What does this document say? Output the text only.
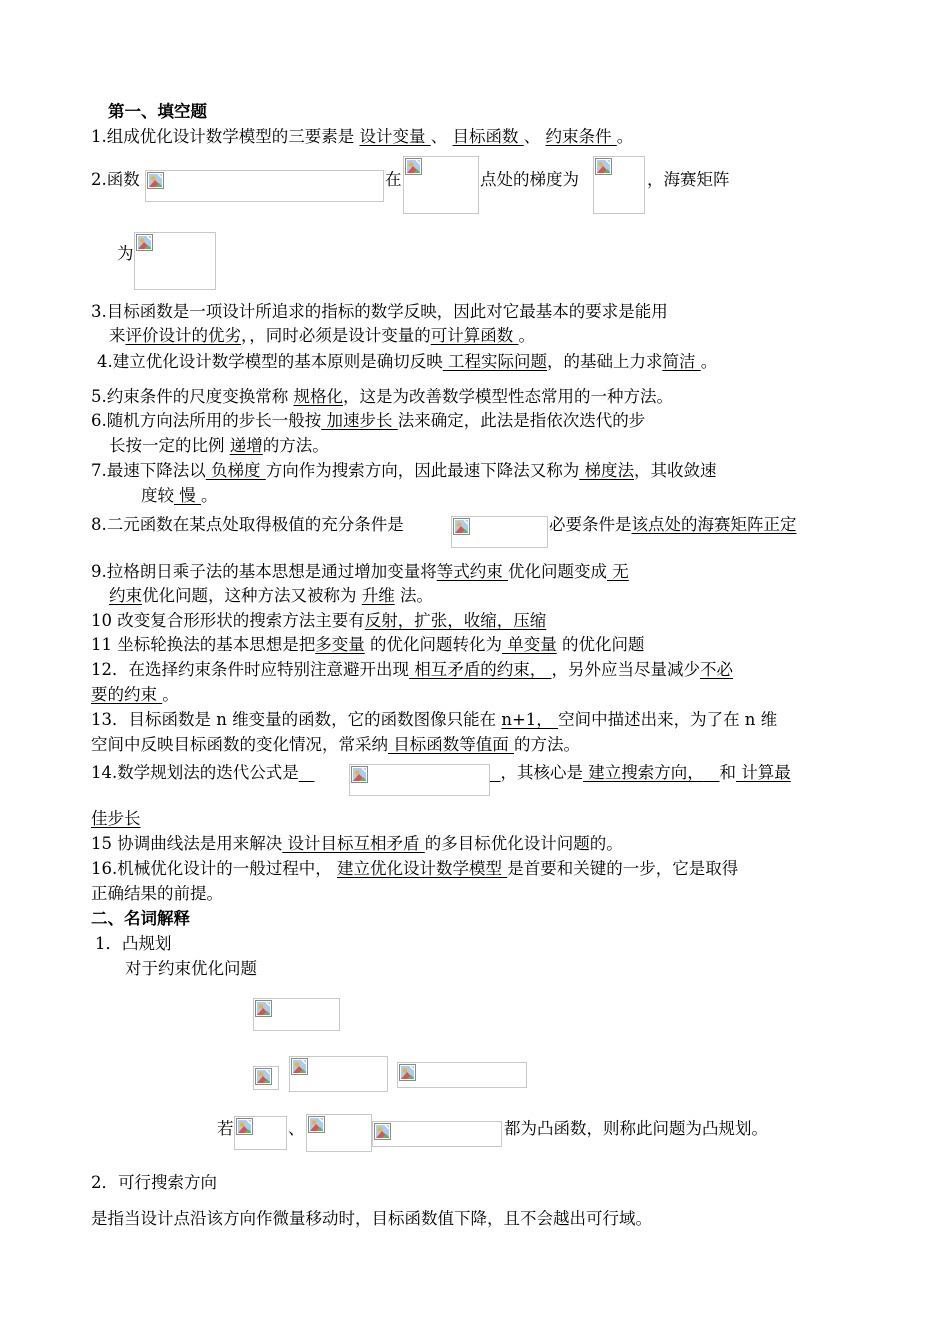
第一、填空题
1.组成优化设计数学模型的三要素是 设计变量 、 目标函数 、 约束条件 。
2.函数	在	点处的梯度为	，海赛矩阵
为
3.目标函数是一项设计所追求的指标的数学反映，因此对它最基本的要求是能用
来评价设计的优劣，，同时必须是设计变量的可计算函数 。
4.建立优化设计数学模型的基本原则是确切反映 工程实际问题，的基础上力求简洁 。
5.约束条件的尺度变换常称 规格化，这是为改善数学模型性态常用的一种方法。
6.随机方向法所用的步长一般按 加速步长 法来确定，此法是指依次迭代的步
长按一定的比例 递增的方法。
7.最速下降法以 负梯度 方向作为搜索方向，因此最速下降法又称为 梯度法，其收敛速
度较 慢 。
8.二元函数在某点处取得极值的充分条件是	必要条件是该点处的海赛矩阵正定
9.拉格朗日乘子法的基本思想是通过增加变量将等式约束 优化问题变成 无
约束优化问题，这种方法又被称为 升维 法。
10 改变复合形形状的搜索方法主要有反射，扩张，收缩，压缩
11 坐标轮换法的基本思想是把多变量 的优化问题转化为 单变量 的优化问题
12．在选择约束条件时应特别注意避开出现 相互矛盾的约束， ，另外应当尽量减少不必
要的约束 。
13．目标函数是 n 维变量的函数，它的函数图像只能在 n+1， 空间中描述出来，为了在 n 维
空间中反映目标函数的变化情况，常采纳 目标函数等值面 的方法。
14.数学规划法的迭代公式是	，其核心是 建立搜索方向， 和 计算最
佳步长
15 协调曲线法是用来解决 设计目标互相矛盾 的多目标优化设计问题的。
16.机械优化设计的一般过程中， 建立优化设计数学模型 是首要和关键的一步，它是取得
正确结果的前提。
二、名词解释
1．凸规划
对于约束优化问题
若	、	都为凸函数，则称此问题为凸规划。
2．可行搜索方向
是指当设计点沿该方向作微量移动时，目标函数值下降，且不会越出可行域。
